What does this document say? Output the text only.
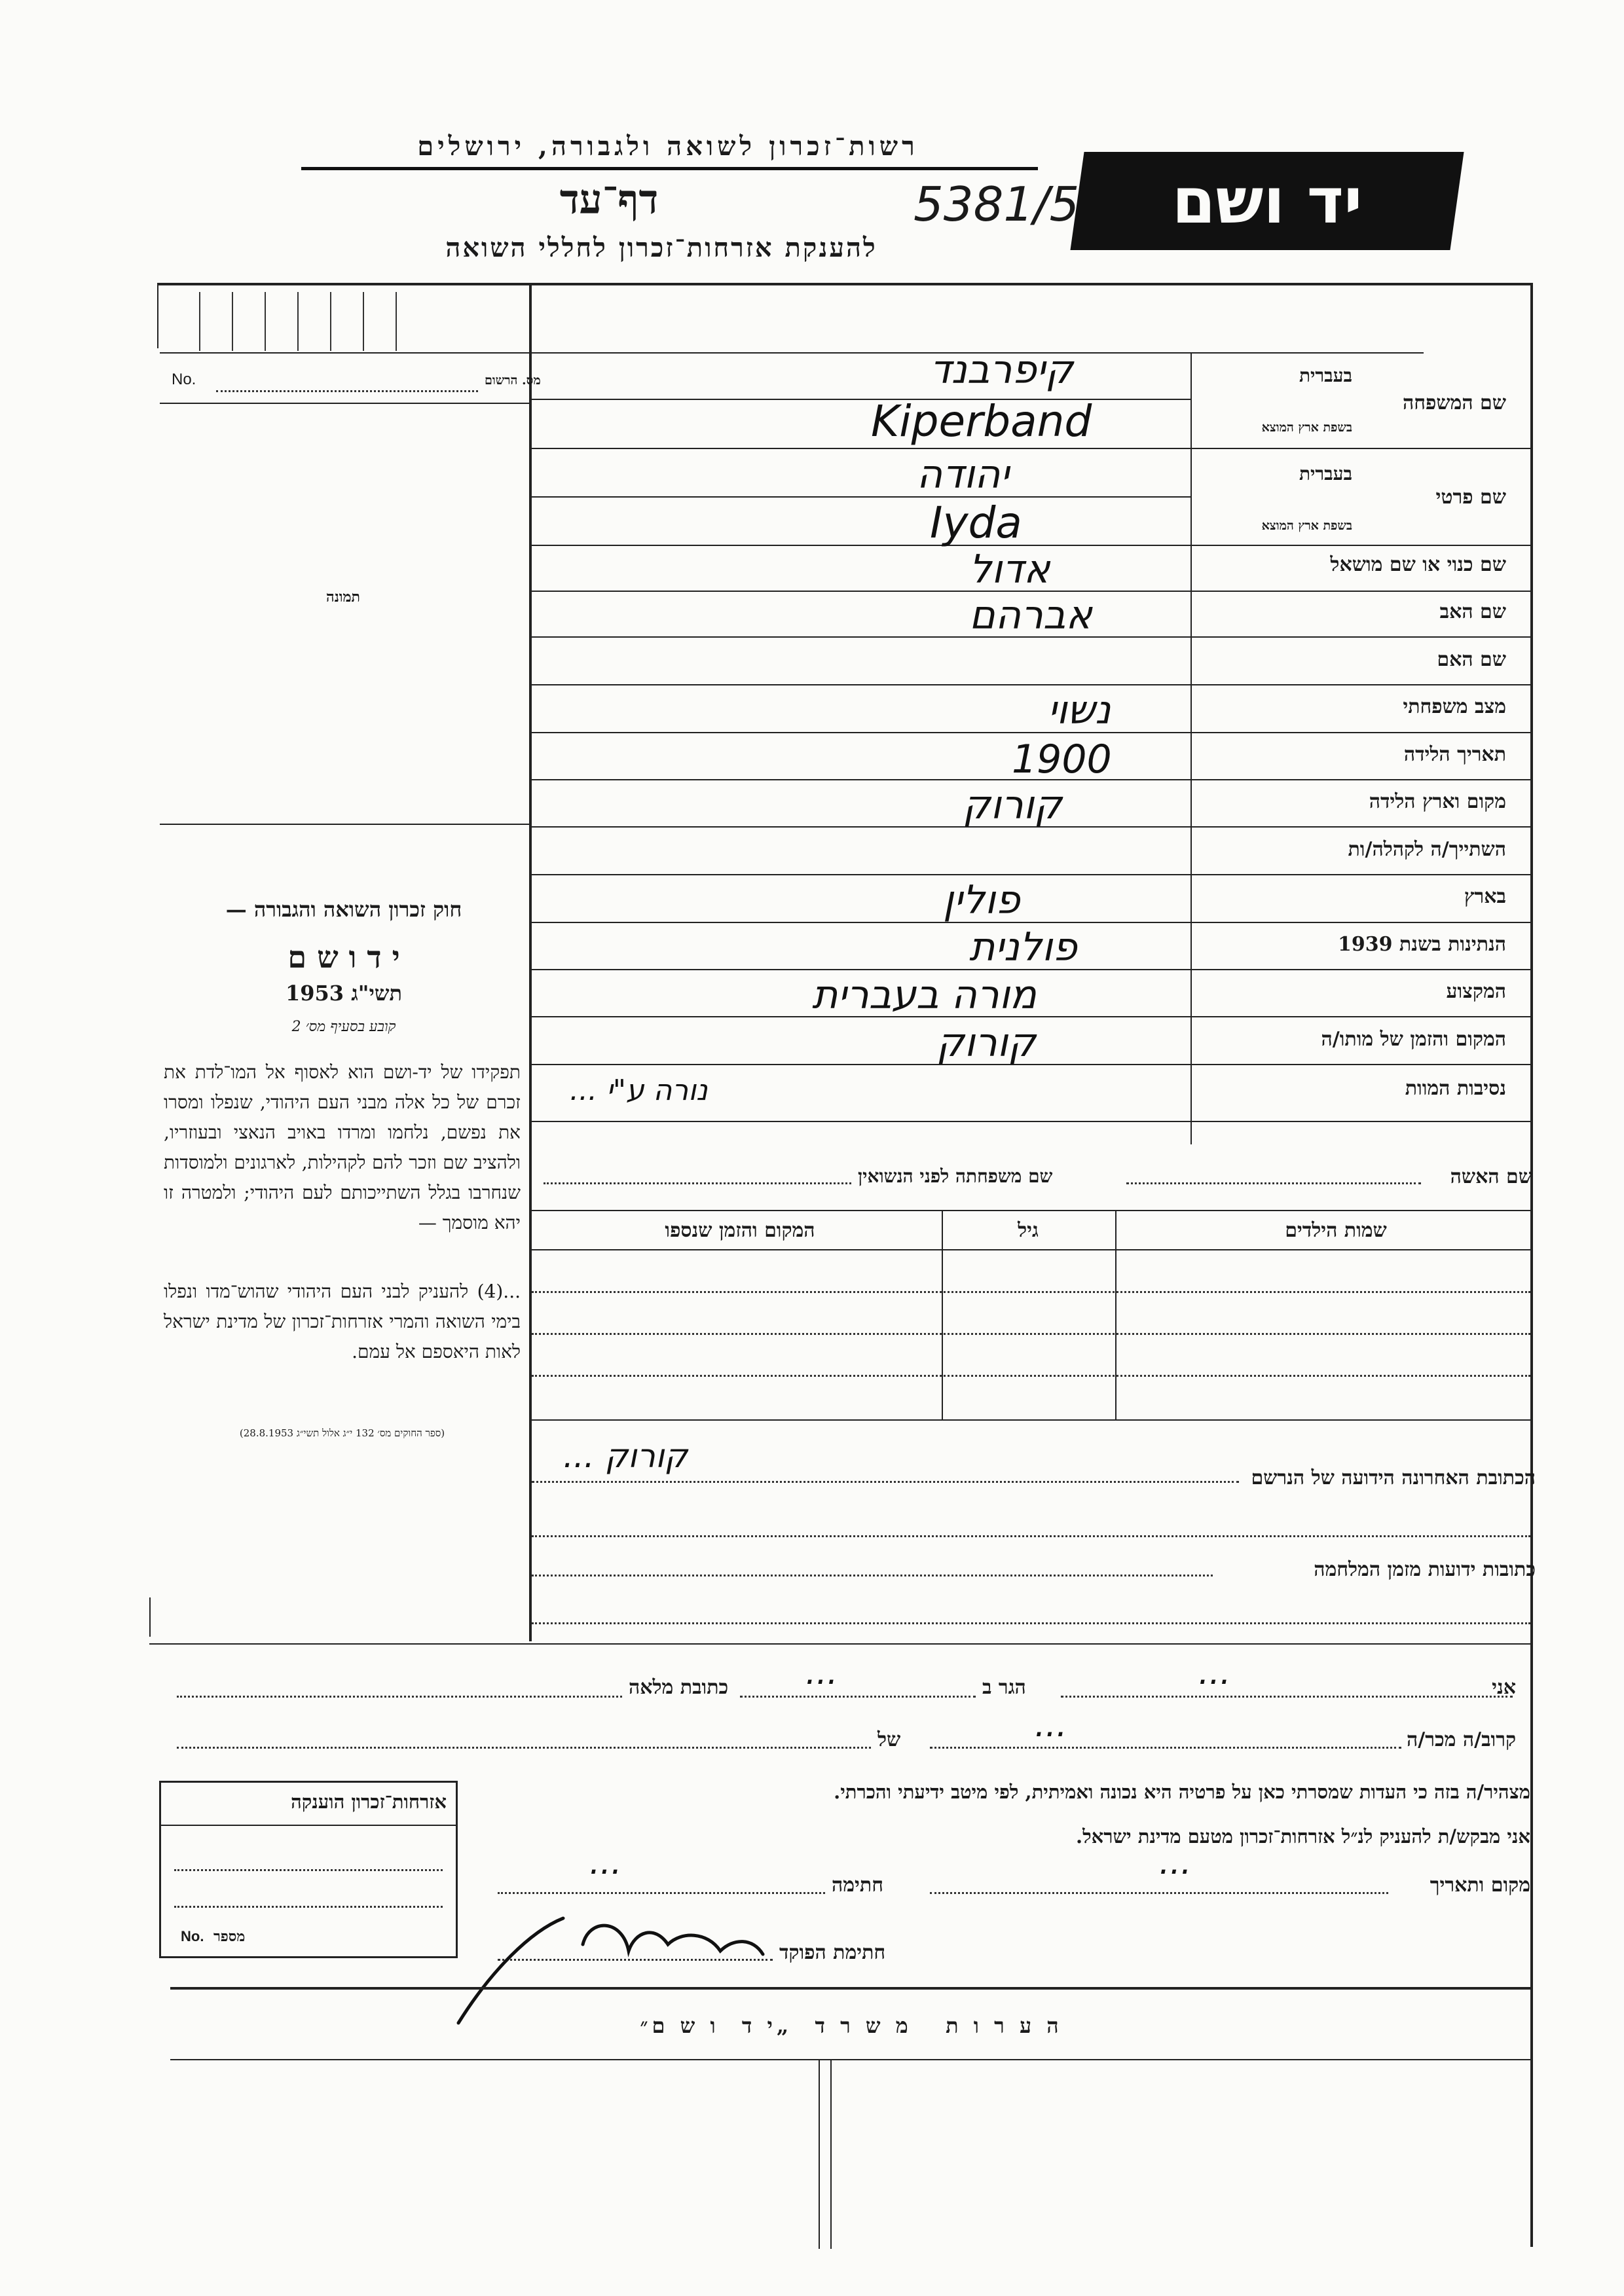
רשות־זכרון לשואה ולגבורה, ירושלים
יד ושם
דף־עד	5381/5
להענקת אזרחות־זכרון לחללי השואה
מס. הרשום
No.
תמונה
חוק זכרון השואה והגבורה —
י ד ו ש ם
תשי"ג 1953
קובע בסעיף מס׳ 2
תפקידו של יד-ושם הוא לאסוף אל המו־לדת את זכרם של כל אלה מבני העם היהודי, שנפלו ומסרו את נפשם, נלחמו ומרדו באויב הנאצי ובעוזריו, ולהציב שם וזכר להם לקהילות, לארגונים ולמוסדות שנחרבו בגלל השתייכותם לעם היהודי; ולמטרה זו יהא מוסמך —
...(4) להעניק לבני העם היהודי שהוש־מדו ונפלו בימי השואה והמרי אזרחות־זכרון של מדינת ישראל לאות היאספם אל עמם.
(ספר החוקים מס׳ 132 י״ג אלול תשי״ג 28.8.1953)
שם המשפחה
בעברית
בשפת ארץ המוצא
שם פרטי
בעברית
בשפת ארץ המוצא
שם כנוי או שם מושאל
שם האב
שם האם
מצב משפחתי
תאריך הלידה
מקום וארץ הלידה
השתייך/ה לקהלה/ות
בארץ
הנתינות בשנת 1939
המקצוע
המקום והזמן של מותו/ה
נסיבות המוות
קיפרבנד
Kiperband
יהודה
Iyda
אדול
אברהם
נשוי
1900
קורוק
פולין
פולנית
מורה בעברית
קורוק
נורה ע"י ...
שם האשה
שם משפחתה לפני הנשואין
שמות הילדים
גיל
המקום והזמן שנספו
הכתובת האחרונה הידועה של הנרשם
קורוק ...
כתובות ידועות מזמן המלחמה
אני
...
הגר ב
...
כתובת מלאה
קרוב/ה מכר/ה
...
של
מצהיר/ה בזה כי העדות שמסרתי כאן על פרטיה היא נכונה ואמיתית, לפי מיטב ידיעתי והכרתי.
אני מבקש/ת להעניק לנ״ל אזרחות־זכרון מטעם מדינת ישראל.
מקום ותאריך
...
חתימה
...
חתימת הפוקד
אזרחות־זכרון הוענקה
No. מספר
ה ע ר ו ת   מ ש ר ד  „י ד  ו ש ם״
